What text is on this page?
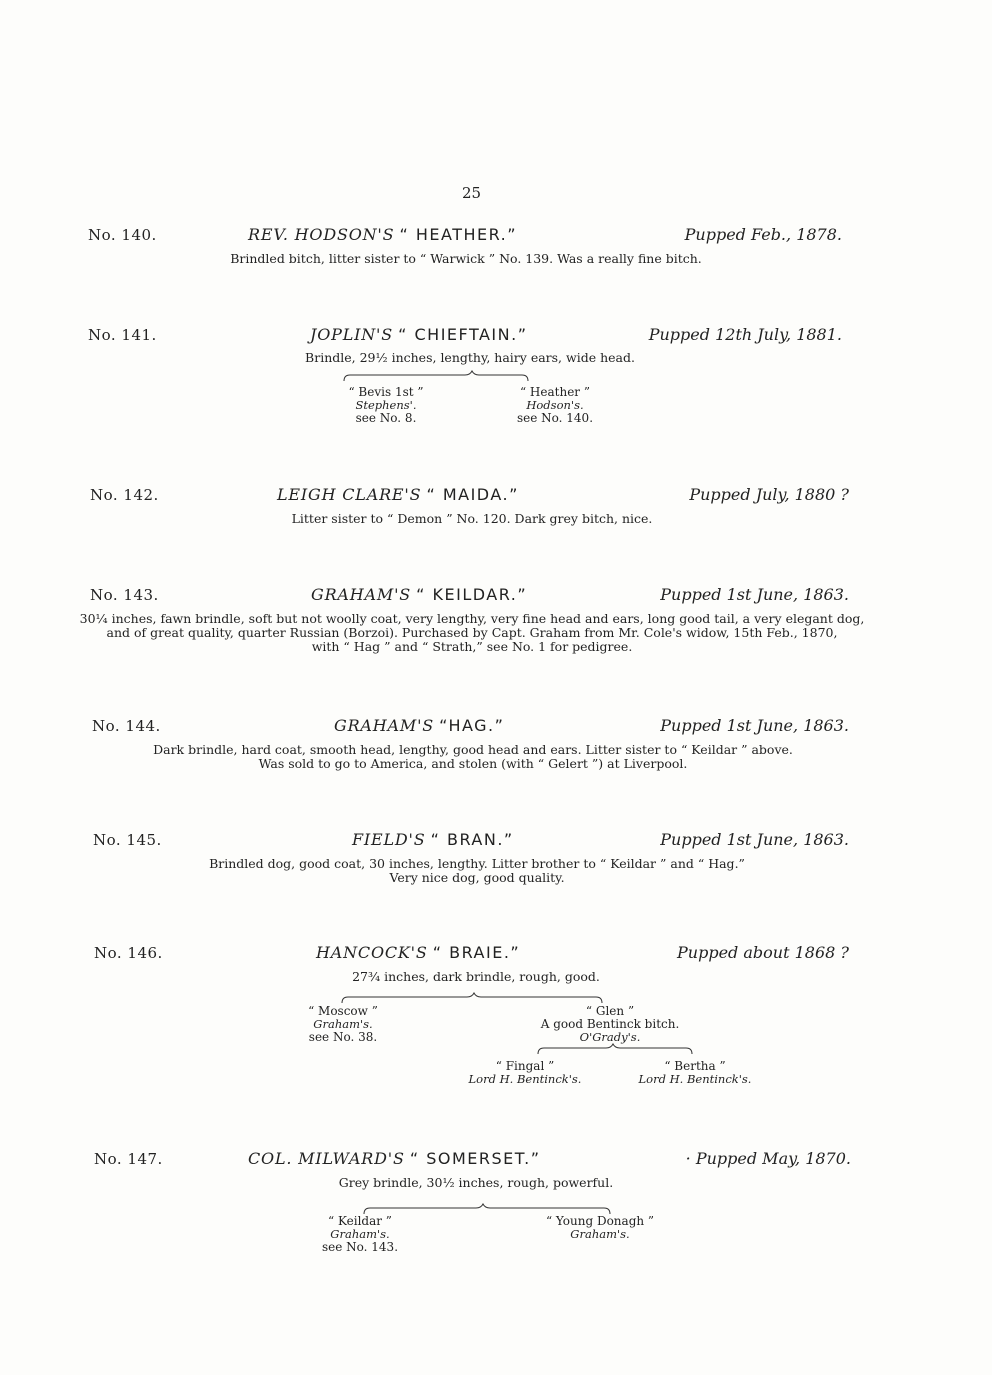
25
No. 140.	REV. HODSON'S “ HEATHER.”	Pupped Feb., 1878.
Brindled bitch, litter sister to “ Warwick ” No. 139. Was a really fine bitch.
No. 141.	JOPLIN'S “ CHIEFTAIN.”	Pupped 12th July, 1881.
Brindle, 29½ inches, lengthy, hairy ears, wide head.
“ Bevis 1st ”
Stephens'.
see No. 8.
“ Heather ”
Hodson's.
see No. 140.
No. 142.	LEIGH CLARE'S “ MAIDA.”	Pupped July, 1880 ?
Litter sister to “ Demon ” No. 120. Dark grey bitch, nice.
No. 143.	GRAHAM'S “ KEILDAR.”	Pupped 1st June, 1863.
30¼ inches, fawn brindle, soft but not woolly coat, very lengthy, very fine head and ears, long good tail, a very elegant dog,
and of great quality, quarter Russian (Borzoi). Purchased by Capt. Graham from Mr. Cole's widow, 15th Feb., 1870,
with “ Hag ” and “ Strath,” see No. 1 for pedigree.
No. 144.	GRAHAM'S “HAG.”	Pupped 1st June, 1863.
Dark brindle, hard coat, smooth head, lengthy, good head and ears. Litter sister to “ Keildar ” above.
Was sold to go to America, and stolen (with “ Gelert ”) at Liverpool.
No. 145.	FIELD'S “ BRAN.”	Pupped 1st June, 1863.
Brindled dog, good coat, 30 inches, lengthy. Litter brother to “ Keildar ” and “ Hag.”
Very nice dog, good quality.
No. 146.	HANCOCK'S “ BRAIE.”	Pupped about 1868 ?
27¾ inches, dark brindle, rough, good.
“ Moscow ”
Graham's.
see No. 38.
“ Glen ”
A good Bentinck bitch.
O'Grady's.
“ Fingal ”
Lord H. Bentinck's.
“ Bertha ”
Lord H. Bentinck's.
No. 147.	COL. MILWARD'S “ SOMERSET.”	· Pupped May, 1870.
Grey brindle, 30½ inches, rough, powerful.
“ Keildar ”
Graham's.
see No. 143.
“ Young Donagh ”
Graham's.
